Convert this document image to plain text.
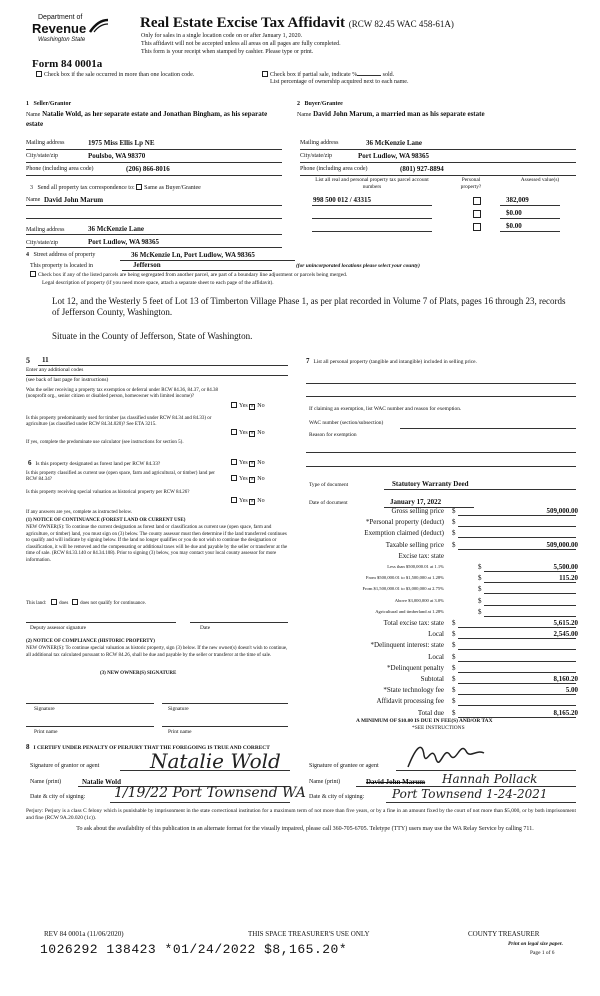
Department of
Revenue
Washington State
Form 84 0001a
Real Estate Excise Tax Affidavit (RCW 82.45 WAC 458-61A)
Only for sales in a single location code on or after January 1, 2020.
This affidavit will not be accepted unless all areas on all pages are fully completed.
This form is your receipt when stamped by cashier. Please type or print.
Check box if the sale occurred in more than one location code.	Check box if partial sale, indicate %	sold.
List percentage of ownership acquired next to each name.
1   Seller/Grantor
Name Natalie Wold, as her separate estate and Jonathan Bingham, as his separate estate
Mailing address	1975 Miss Ellis Lp NE
City/state/zip	Poulsbo, WA 98370
Phone (including area code)	(206) 866-8016
2   Buyer/Grantee
Name David John Marum, a married man as his separate estate
Mailing address	36 McKenzie Lane
City/state/zip	Port Ludlow, WA 98365
Phone (including area code)	(801) 927-8894
3   Send all property tax correspondence to: Same as Buyer/Grantee
Name David John Marum
Mailing address	36 McKenzie Lane
City/state/zip	Port Ludlow, WA 98365
List all real and personal property tax parcel account numbers
Personal property?
Assessed value(s)
998 500 012 / 43315	382,009
$0.00
$0.00
4 Street address of property	36 McKenzie Ln, Port Ludlow, WA 98365
This property is located in	Jefferson	(for unincorporated locations please select your county)
Check box if any of the listed parcels are being segregated from another parcel, are part of a boundary line adjustment or parcels being merged.
Legal description of property (if you need more space, attach a separate sheet to each page of the affidavit).
Lot 12, and the Westerly 5 feet of Lot 13 of Timberton Village Phase 1, as per plat recorded in Volume 7 of Plats, pages 16 through 23, records of Jefferson County, Washington.
Situate in the County of Jefferson, State of Washington.
5 11
Enter any additional codes
(see back of last page for instructions)
Was the seller receiving a property tax exemption or deferral under RCW 84.36, 84.37, or 84.38 (nonprofit org., senior citizen or disabled person, homeowner with limited income)?
Yes × No
Is this property predominantly used for timber (as classified under RCW 84.34 and 84.33) or agriculture (as classified under RCW 84.34.020)? See ETA 3215.
Yes × No
If yes, complete the predominate use calculator (see instructions for section 5).
6 Is this property designated as forest land per RCW 84.33?	Yes × No
Is this property classified as current use (open space, farm and agricultural, or timber) land per RCW 84.34?	Yes × No
Is this property receiving special valuation as historical property per RCW 84.26?
Yes × No
If any answers are yes, complete as instructed below.
(1) NOTICE OF CONTINUANCE (FOREST LAND OR CURRENT USE)
NEW OWNER(S): To continue the current designation as forest land or classification as current use (open space, farm and agriculture, or timber) land, you must sign on (3) below. The county assessor must then determine if the land transferred continues to qualify and will indicate by signing below. If the land no longer qualifies or you do not wish to continue the designation or classification, it will be removed and the compensating or additional taxes will be due and payable by the seller or transferor at the time of sale. (RCW 84.33.140 or 84.34.108). Prior to signing (3) below, you may contact your local county assessor for more information.
This land:	does does not qualify for continuance.
Deputy assessor signature	Date
(2) NOTICE OF COMPLIANCE (HISTORIC PROPERTY)
NEW OWNER(S): To continue special valuation as historic property, sign (3) below. If the new owner(s) doesn't wish to continue, all additional tax calculated pursuant to RCW 84.26, shall be due and payable by the seller or transferor at the time of sale.
(3) NEW OWNER(S) SIGNATURE
Signature	Signature
Print name	Print name
7 List all personal property (tangible and intangible) included in selling price.
If claiming an exemption, list WAC number and reason for exemption.
WAC number (section/subsection)
Reason for exemption
Type of document	Statutory Warranty Deed
Date of document	January 17, 2022
Gross selling price $	509,000.00
*Personal property (deduct) $
Exemption claimed (deduct) $
Taxable selling price $	509,000.00
Excise tax: state
Less than $500,000.01 at 1.1%	$	5,500.00
From $500,000.01 to $1,500,000 at 1.28%	$	115.20
From $1,500,000.01 to $3,000,000 at 2.75%	$
Above $3,000,000 at 3.0%	$
Agricultural and timberland at 1.28%	$
Total excise tax: state $	5,615.20
Local $	2,545.00
*Delinquent interest: state $
Local $
*Delinquent penalty $
Subtotal $	8,160.20
*State technology fee $	5.00
Affidavit processing fee $
Total due $	8,165.20
A MINIMUM OF $10.00 IS DUE IN FEE(S) AND/OR TAX
*SEE INSTRUCTIONS
8 I CERTIFY UNDER PENALTY OF PERJURY THAT THE FOREGOING IS TRUE AND CORRECT
Signature of grantor or agent	Natalie Wold
Name (print)	Natalie Wold
Date & city of signing: 1/19/22 Port Townsend WA
Signature of grantee or agent
Name (print)	David John Marum Hannah Pollack
Date & city of signing: Port Townsend 1-24-2021
Perjury: Perjury is a class C felony which is punishable by imprisonment in the state correctional institution for a maximum term of not more than five years, or by a fine in an amount fixed by the court of not more than $5,000, or by both imprisonment and fine (RCW 9A.20.020 (1c)).
To ask about the availability of this publication in an alternate format for the visually impaired, please call 360-705-6705. Teletype (TTY) users may use the WA Relay Service by calling 711.
REV 84 0001a (11/06/2020)	THIS SPACE TREASURER'S USE ONLY	COUNTY TREASURER
Print on legal size paper.
Page 1 of 6
1026292 138423 *01/24/2022 $8,165.20*
